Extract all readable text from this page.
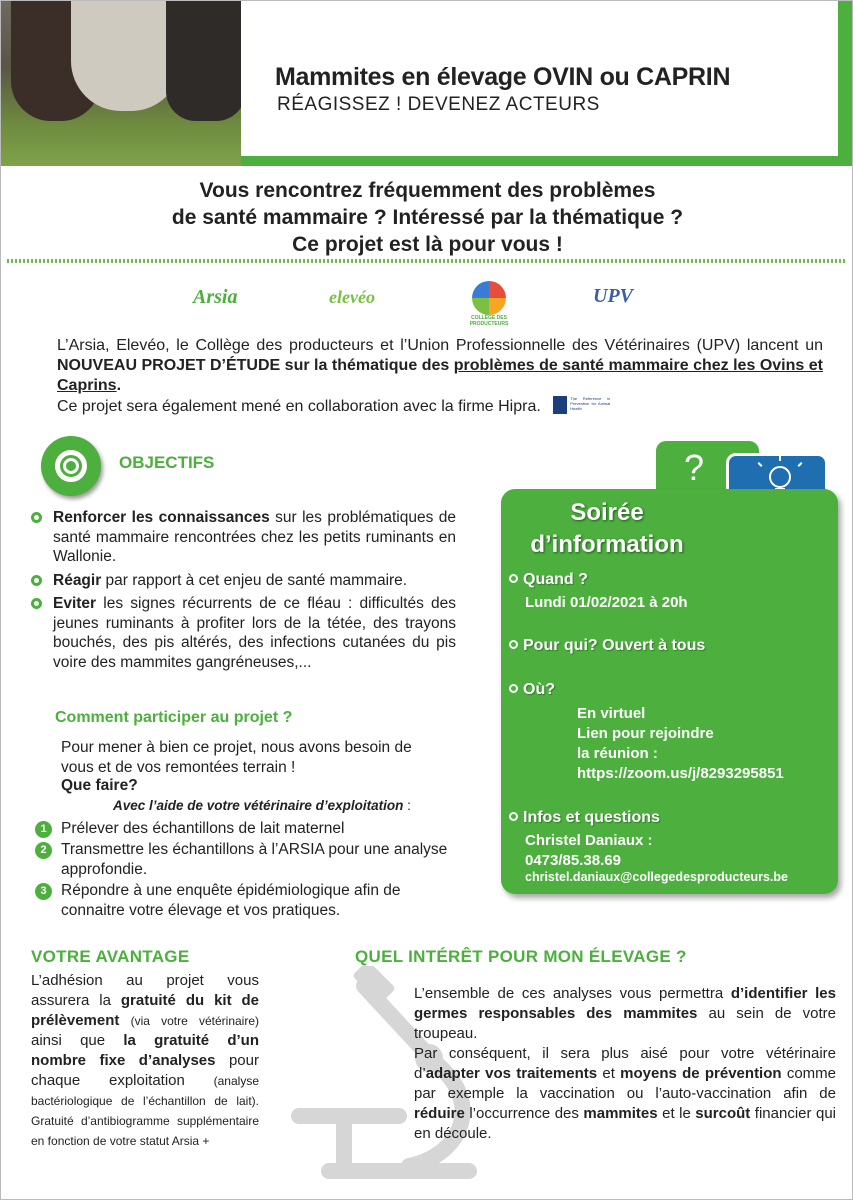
Mammites en élevage OVIN ou CAPRIN
RÉAGISSEZ ! DEVENEZ ACTEURS
Vous rencontrez fréquemment des problèmes
de santé mammaire ? Intéressé par la thématique ?
Ce projet est là pour vous !
Arsia	elevéo
COLLÈGE DES PRODUCTEURS
UPV
L’Arsia, Elevéo, le Collège des producteurs et l’Union Professionnelle des Vétérinaires (UPV) lancent un NOUVEAU PROJET D’ÉTUDE sur la thématique des problèmes de santé mammaire chez les Ovins et Caprins.
Ce projet sera également mené en collaboration avec la firme Hipra.	The Reference in Prevention for Animal Health
OBJECTIFS
Renforcer les connaissances sur les problématiques de santé mammaire rencontrées chez les petits ruminants en Wallonie.
Réagir par rapport à cet enjeu de santé mammaire.
Eviter les signes récurrents de ce fléau : difficultés des jeunes ruminants à profiter lors de la tétée, des trayons bouchés, des pis altérés, des infections cutanées du pis voire des mammites gangréneuses,...
Comment participer au projet ?
Pour mener à bien ce projet, nous avons besoin de vous et de vos remontées terrain !
Que faire?
Avec l’aide de votre vétérinaire d’exploitation :
1 Prélever des échantillons de lait maternel
2 Transmettre les échantillons à l’ARSIA pour une analyse approfondie.
3 Répondre à une enquête épidémiologique afin de connaitre votre élevage et vos pratiques.
?
Soirée
d’information
Quand ?
Lundi 01/02/2021 à 20h
Pour qui? Ouvert à tous
Où?
En virtuel
Lien pour rejoindre
la réunion :
https://zoom.us/j/8293295851
Infos et questions
Christel Daniaux :
0473/85.38.69
christel.daniaux@collegedesproducteurs.be
VOTRE AVANTAGE
L’adhésion au projet vous assurera la gratuité du kit de prélèvement (via votre vétérinaire) ainsi que la gratuité d’un nombre fixe d’analyses pour chaque exploitation (analyse bactériologique de l’échantillon de lait). Gratuité d’antibiogramme supplémentaire en fonction de votre statut Arsia +
QUEL INTÉRÊT POUR MON ÉLEVAGE ?
L’ensemble de ces analyses vous permettra d’identifier les germes responsables des mammites au sein de votre troupeau.
Par conséquent, il sera plus aisé pour votre vétérinaire d’adapter vos traitements et moyens de prévention comme par exemple la vaccination ou l’auto-vaccination afin de réduire l’occurrence des mammites et le surcoût financier qui en découle.
